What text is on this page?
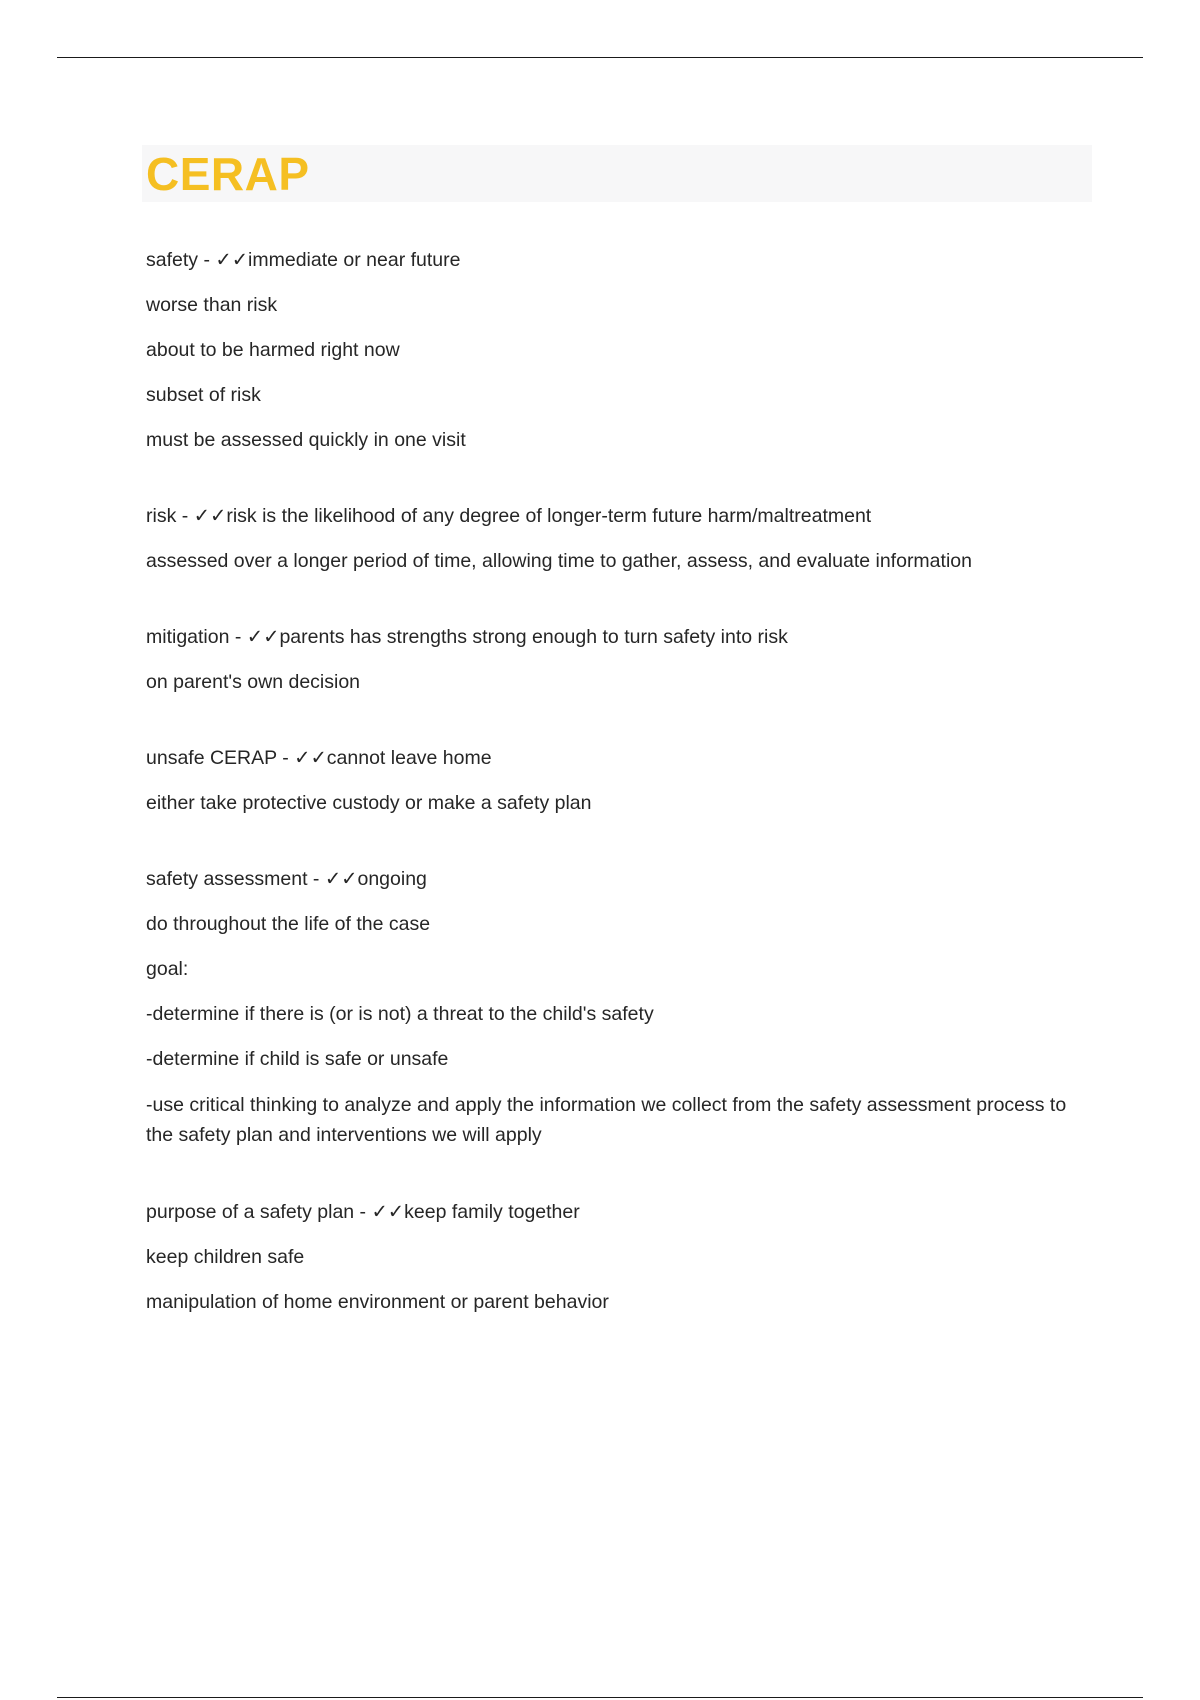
CERAP
safety - ✓✓immediate or near future
worse than risk
about to be harmed right now
subset of risk
must be assessed quickly in one visit
risk - ✓✓risk is the likelihood of any degree of longer-term future harm/maltreatment
assessed over a longer period of time, allowing time to gather, assess, and evaluate information
mitigation - ✓✓parents has strengths strong enough to turn safety into risk
on parent's own decision
unsafe CERAP - ✓✓cannot leave home
either take protective custody or make a safety plan
safety assessment - ✓✓ongoing
do throughout the life of the case
goal:
-determine if there is (or is not) a threat to the child's safety
-determine if child is safe or unsafe
-use critical thinking to analyze and apply the information we collect from the safety assessment process to the safety plan and interventions we will apply
purpose of a safety plan - ✓✓keep family together
keep children safe
manipulation of home environment or parent behavior
